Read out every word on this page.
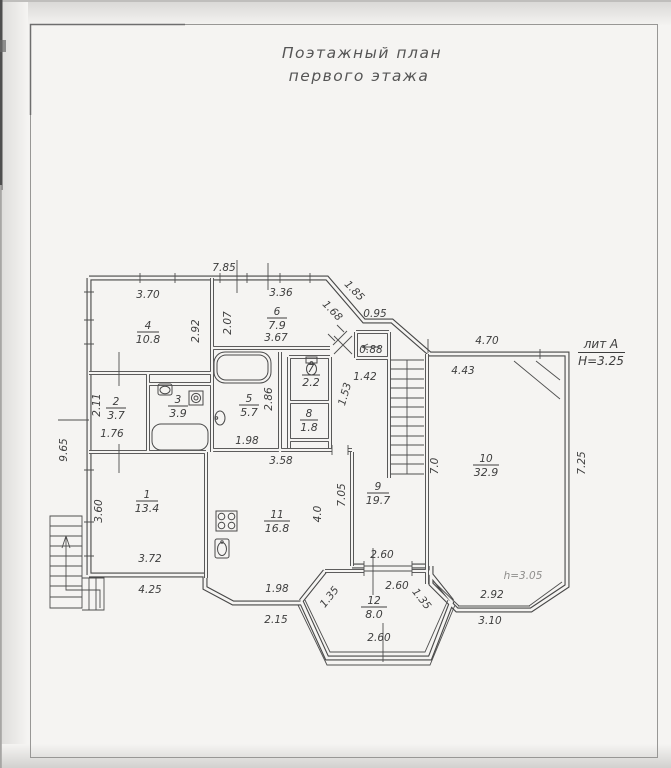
Поэтажный план
первого этажа
7.85
3.70
2.92 2.07
3.36
3.67
1.85
1.68 0.95
0.88
1.42
1.53
4.70
4.43
7.0	7.25
2.92
3.10
2.11
1.76
9.65
3.60
3.72
4.25
2.86
1.98
3.58
7.05
4.0
2.60
1.98
2.15
2.60
1.35	1.35
2.60
лит А
Н=3.25
h=3.05
1
13.4
2
3.7
3
3.9
4
10.8
5
5.7
6
7.9
7
2.2
8
1.8
9
19.7
10
32.9
11
16.8
12
8.0
